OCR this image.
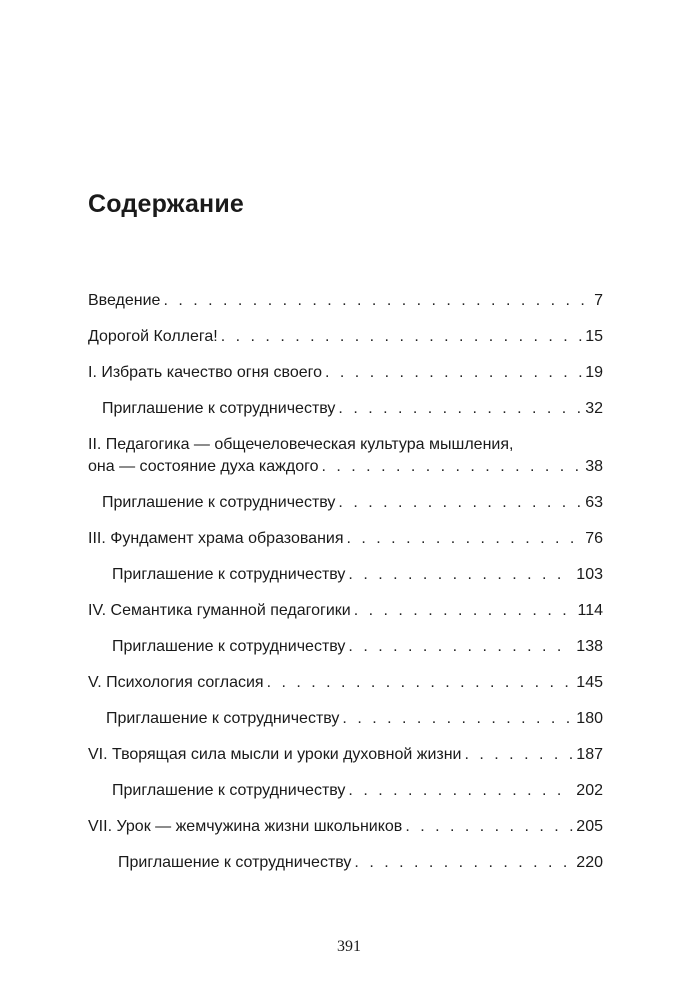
Содержание
Введение . . .	7
Дорогой Коллега! . . .	15
I. Избрать качество огня своего . . .	19
Приглашение к сотрудничеству . . .	32
II. Педагогика — общечеловеческая культура мышления,
она — состояние духа каждого . . .	38
Приглашение к сотрудничеству . . .	63
III. Фундамент храма образования . . .	76
Приглашение к сотрудничеству . . .	103
IV. Семантика гуманной педагогики . . .	114
Приглашение к сотрудничеству . . .	138
V. Психология согласия . . .	145
Приглашение к сотрудничеству . . .	180
VI. Творящая сила мысли и уроки духовной жизни . . .	187
Приглашение к сотрудничеству . . .	202
VII. Урок — жемчужина жизни школьников . . .	205
Приглашение к сотрудничеству . . .	220
391
